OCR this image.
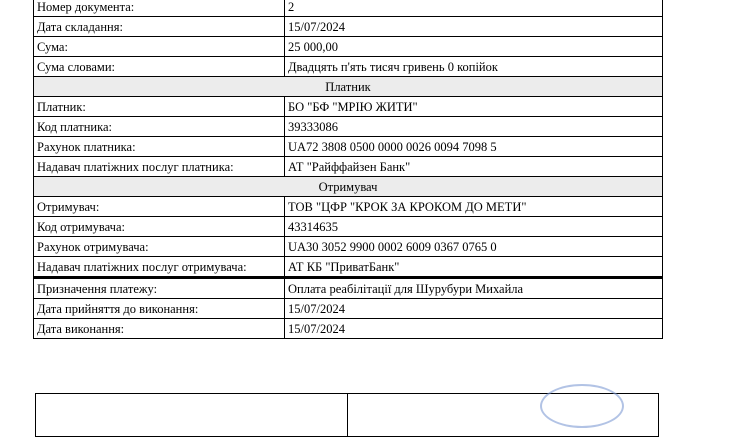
Номер документа:	2
Дата складання:	15/07/2024
Сума:	25 000,00
Сума словами:	Двадцять п'ять тисяч гривень 0 копійок
Платник	
Платник:	БО "БФ "МРІЮ ЖИТИ"
Код платника:	39333086
Рахунок платника:	UA72 3808 0500 0000 0026 0094 7098 5
Надавач платіжних послуг платника:	АТ "Райффайзен Банк"
Отримувач	
Отримувач:	ТОВ "ЦФР "КРОК ЗА КРОКОМ ДО МЕТИ"
Код отримувача:	43314635
Рахунок отримувача:	UA30 3052 9900 0002 6009 0367 0765 0
Надавач платіжних послуг отримувача:	АТ КБ "ПриватБанк"
Призначення платежу:	Оплата реабілітації для Шурубури Михайла
Дата прийняття до виконання:	15/07/2024
Дата виконання:	15/07/2024
